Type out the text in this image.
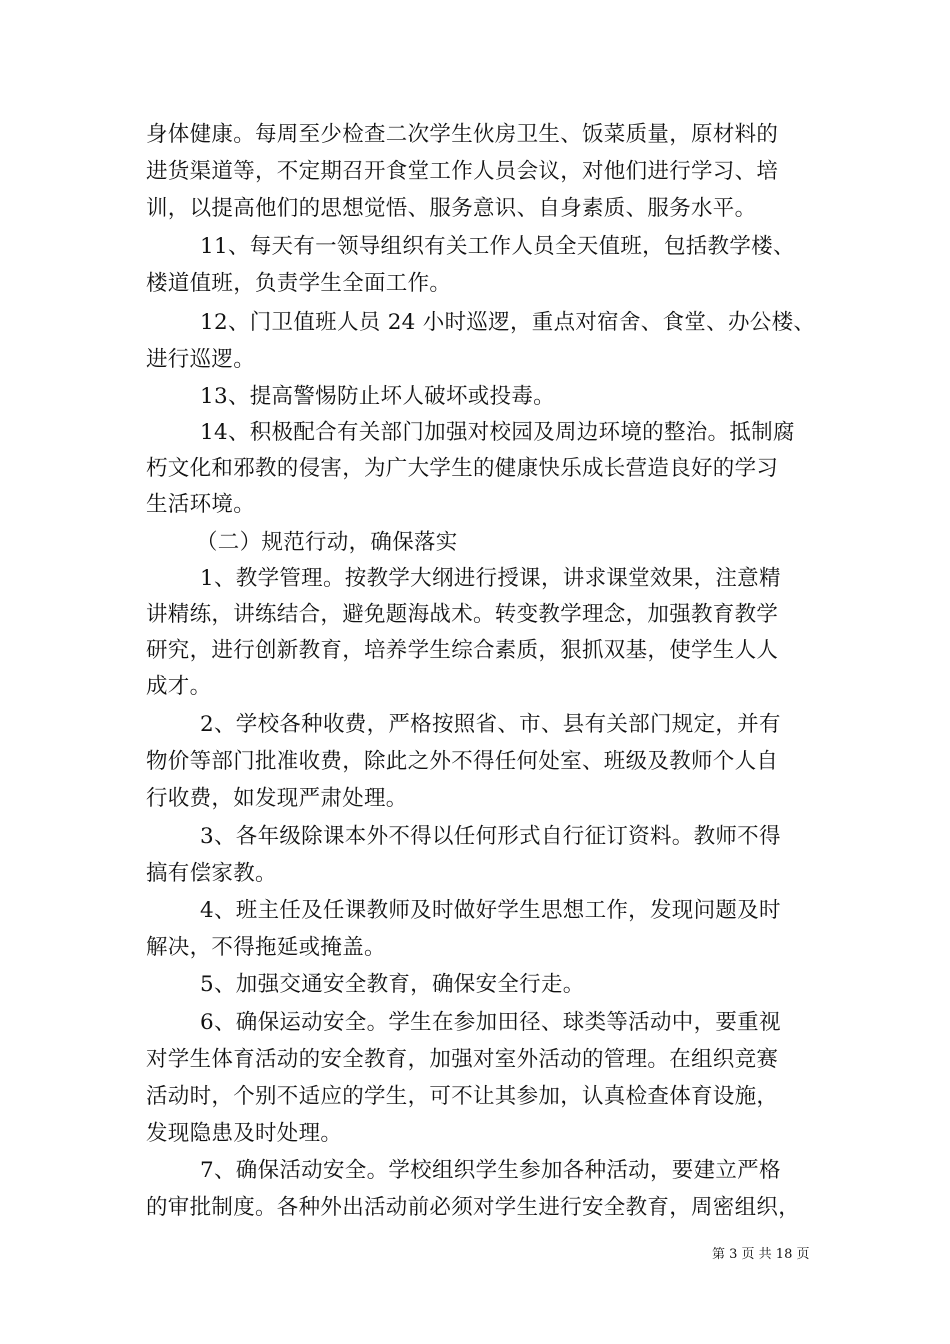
身体健康。每周至少检查二次学生伙房卫生、饭菜质量，原材料的
进货渠道等，不定期召开食堂工作人员会议，对他们进行学习、培
训，以提高他们的思想觉悟、服务意识、自身素质、服务水平。
11、每天有一领导组织有关工作人员全天值班，包括教学楼、
楼道值班，负责学生全面工作。
12、门卫值班人员 24 小时巡逻，重点对宿舍、食堂、办公楼、
进行巡逻。
13、提高警惕防止坏人破坏或投毒。
14、积极配合有关部门加强对校园及周边环境的整治。抵制腐
朽文化和邪教的侵害，为广大学生的健康快乐成长营造良好的学习
生活环境。
（二）规范行动，确保落实
1、教学管理。按教学大纲进行授课，讲求课堂效果，注意精
讲精练，讲练结合，避免题海战术。转变教学理念，加强教育教学
研究，进行创新教育，培养学生综合素质，狠抓双基，使学生人人
成才。
2、学校各种收费，严格按照省、市、县有关部门规定，并有
物价等部门批准收费，除此之外不得任何处室、班级及教师个人自
行收费，如发现严肃处理。
3、各年级除课本外不得以任何形式自行征订资料。教师不得
搞有偿家教。
4、班主任及任课教师及时做好学生思想工作，发现问题及时
解决，不得拖延或掩盖。
5、加强交通安全教育，确保安全行走。
6、确保运动安全。学生在参加田径、球类等活动中，要重视
对学生体育活动的安全教育，加强对室外活动的管理。在组织竞赛
活动时，个别不适应的学生，可不让其参加，认真检查体育设施，
发现隐患及时处理。
7、确保活动安全。学校组织学生参加各种活动，要建立严格
的审批制度。各种外出活动前必须对学生进行安全教育，周密组织，
第 3 页 共 18 页
